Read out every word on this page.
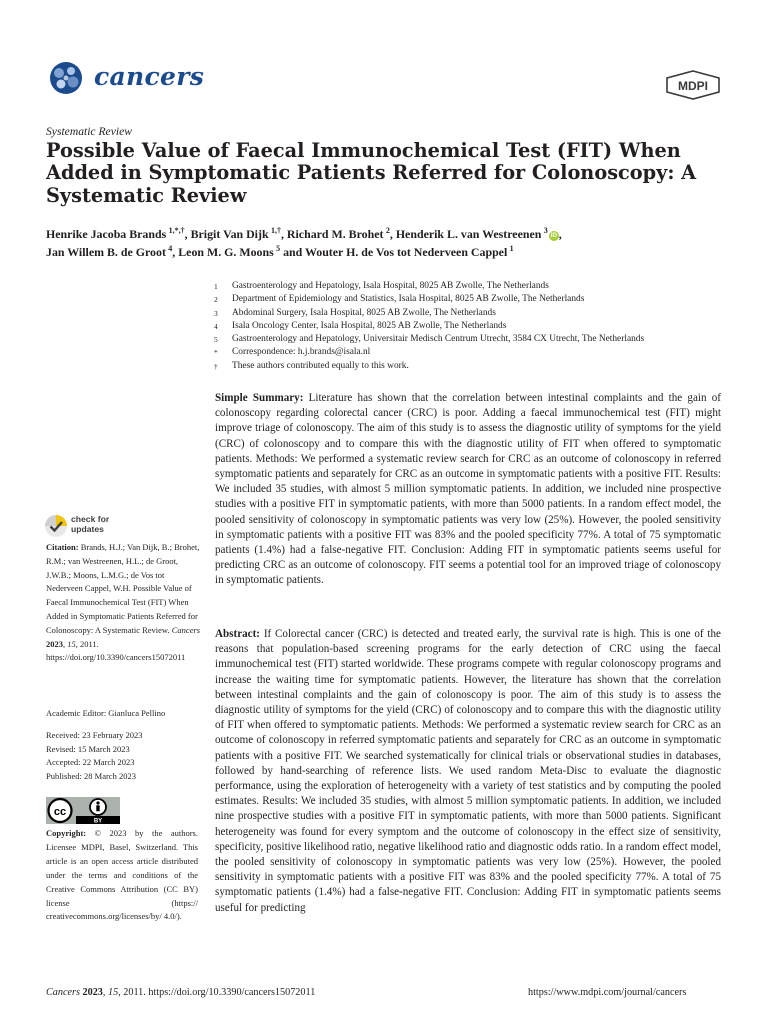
cancers	MDPI
Systematic Review
Possible Value of Faecal Immunochemical Test (FIT) When Added in Symptomatic Patients Referred for Colonoscopy: A Systematic Review
Henrike Jacoba Brands  $^{1,*,\dagger}$, Brigit Van Dijk  $^{1,\dagger}$, Richard M. Brohet  $^2$, Henderik L. van Westreenen  $^3$iD ,
Jan Willem B. de Groot  $^4$, Leon M. G. Moons  $^5$ and Wouter H. de Vos tot Nederveen Cappel  $^1$
1	Gastroenterology and Hepatology, Isala Hospital, 8025 AB Zwolle, The Netherlands
2	Department of Epidemiology and Statistics, Isala Hospital, 8025 AB Zwolle, The Netherlands
3	Abdominal Surgery, Isala Hospital, 8025 AB Zwolle, The Netherlands
4	Isala Oncology Center, Isala Hospital, 8025 AB Zwolle, The Netherlands
5	Gastroenterology and Hepatology, Universitair Medisch Centrum Utrecht, 3584 CX Utrecht, The Netherlands
*	Correspondence: h.j.brands@isala.nl
†	These authors contributed equally to this work.

Simple Summary: Literature has shown that the correlation between intestinal complaints and the gain of colonoscopy regarding colorectal cancer (CRC) is poor. Adding a faecal immunochemical test (FIT) might improve triage of colonoscopy. The aim of this study is to assess the diagnostic utility of symptoms for the yield (CRC) of colonoscopy and to compare this with the diagnostic utility of FIT when offered to symptomatic patients. Methods: We performed a systematic review search for CRC as an outcome of colonoscopy in referred symptomatic patients and separately for CRC as an outcome in symptomatic patients with a positive FIT. Results: We included 35 studies, with almost 5 million symptomatic patients. In addition, we included nine prospective studies with a positive FIT in symptomatic patients, with more than 5000 patients. In a random effect model, the pooled sensitivity of colonoscopy in symptomatic patients was very low (25%). However, the pooled sensitivity in symptomatic patients with a positive FIT was 83% and the pooled specificity 77%. A total of 75 symptomatic patients (1.4%) had a false-negative FIT. Conclusion: Adding FIT in symptomatic patients seems useful for predicting CRC as an outcome of colonoscopy. FIT seems a potential tool for an improved triage of colonoscopy in symptomatic patients.

Abstract: If Colorectal cancer (CRC) is detected and treated early, the survival rate is high. This is one of the reasons that population-based screening programs for the early detection of CRC using the faecal immunochemical test (FIT) started worldwide. These programs compete with regular colonoscopy programs and increase the waiting time for symptomatic patients. However, the literature has shown that the correlation between intestinal complaints and the gain of colonoscopy is poor. The aim of this study is to assess the diagnostic utility of symptoms for the yield (CRC) of colonoscopy and to compare this with the diagnostic utility of FIT when offered to symptomatic patients. Methods: We performed a systematic review search for CRC as an outcome of colonoscopy in referred symptomatic patients and separately for CRC as an outcome in symptomatic patients with a positive FIT. We searched systematically for clinical trials or observational studies in databases, followed by hand-searching of reference lists. We used random Meta-Disc to evaluate the diagnostic performance, using the exploration of heterogeneity with a variety of test statistics and by computing the pooled estimates. Results: We included 35 studies, with almost 5 million symptomatic patients. In addition, we included nine prospective studies with a positive FIT in symptomatic patients, with more than 5000 patients. Significant heterogeneity was found for every symptom and the outcome of colonoscopy in the effect size of sensitivity, specificity, positive likelihood ratio, negative likelihood ratio and diagnostic odds ratio. In a random effect model, the pooled sensitivity of colonoscopy in symptomatic patients was very low (25%). However, the pooled sensitivity in symptomatic patients with a positive FIT was 83% and the pooled specificity 77%. A total of 75 symptomatic patients (1.4%) had a false-negative FIT. Conclusion: Adding FIT in symptomatic patients seems useful for predicting

check for
updates
Citation: Brands, H.J.; Van Dijk, B.; Brohet, R.M.; van Westreenen, H.L.; de Groot, J.W.B.; Moons, L.M.G.; de Vos tot Nederveen Cappel, W.H. Possible Value of Faecal Immunochemical Test (FIT) When Added in Symptomatic Patients Referred for Colonoscopy: A Systematic Review. Cancers 2023, 15, 2011. https://doi.org/10.3390/cancers15072011
Academic Editor: Gianluca Pellino
Received: 23 February 2023
Revised: 15 March 2023
Accepted: 22 March 2023
Published: 28 March 2023
cc
BY
Copyright: © 2023 by the authors. Licensee MDPI, Basel, Switzerland. This article is an open access article distributed under the terms and conditions of the Creative Commons Attribution (CC BY) license (https:// creativecommons.org/licenses/by/ 4.0/).
Cancers 2023, 15, 2011. https://doi.org/10.3390/cancers15072011	https://www.mdpi.com/journal/cancers
